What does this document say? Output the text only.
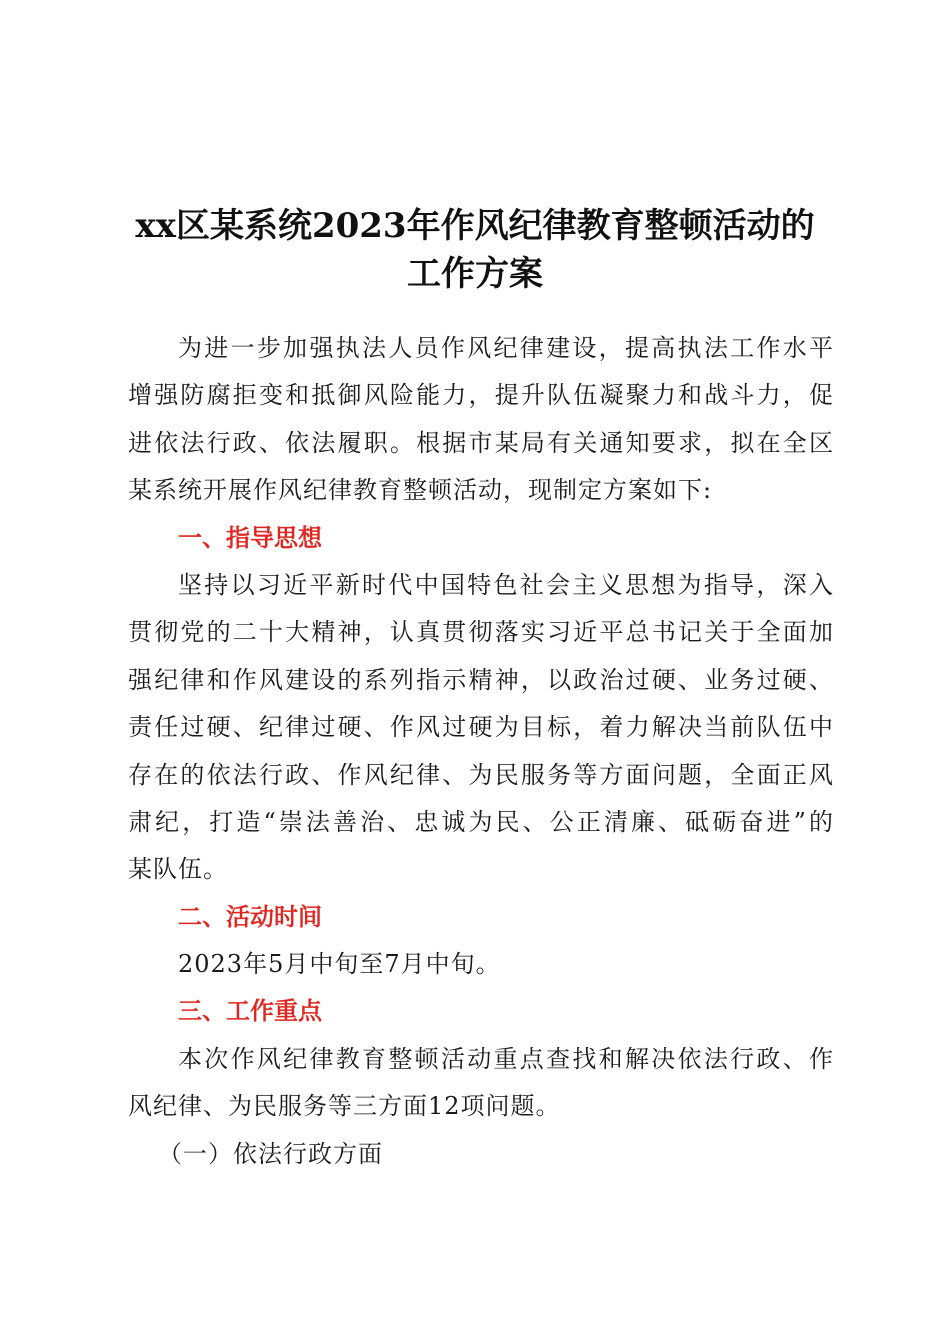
xx区某系统2023年作风纪律教育整顿活动的
工作方案
为进一步加强执法人员作风纪律建设，提高执法工作水平
增强防腐拒变和抵御风险能力，提升队伍凝聚力和战斗力，促
进依法行政、依法履职。根据市某局有关通知要求，拟在全区
某系统开展作风纪律教育整顿活动，现制定方案如下:
一、指导思想
坚持以习近平新时代中国特色社会主义思想为指导，深入
贯彻党的二十大精神，认真贯彻落实习近平总书记关于全面加
强纪律和作风建设的系列指示精神，以政治过硬、业务过硬、
责任过硬、纪律过硬、作风过硬为目标，着力解决当前队伍中
存在的依法行政、作风纪律、为民服务等方面问题，全面正风
肃纪，打造“崇法善治、忠诚为民、公正清廉、砥砺奋进”的
某队伍。
二、活动时间
2023年5月中旬至7月中旬。
三、工作重点
本次作风纪律教育整顿活动重点查找和解决依法行政、作
风纪律、为民服务等三方面12项问题。
（一）依法行政方面
